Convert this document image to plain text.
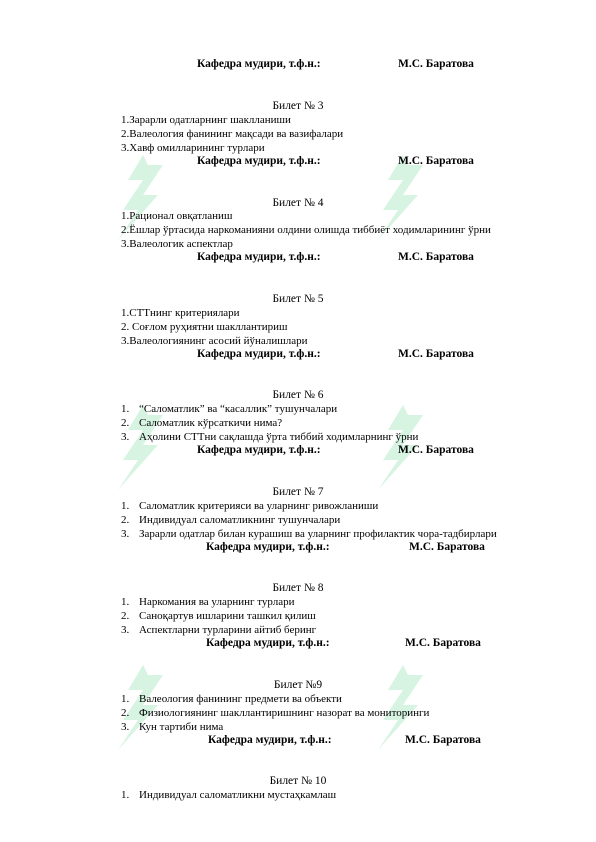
Кафедра мудири, т.ф.н.:	М.С. Баратова
Билет № 3
1.Зарарли одатларнинг шаклланиши
2.Валеология фанининг мақсади ва вазифалари
3.Хавф омилларининг турлари
Кафедра мудири, т.ф.н.:	М.С. Баратова
Билет № 4
1.Рационал овқатланиш
2.Ёшлар ўртасида наркоманияни олдини олишда тиббиёт ходимларининг ўрни
3.Валеологик аспектлар
Кафедра мудири, т.ф.н.:	М.С. Баратова
Билет № 5
1.СТТнинг критериялари
2. Соғлом руҳиятни шакллантириш
3.Валеологиянинг асосий йўналишлари
Кафедра мудири, т.ф.н.:	М.С. Баратова
Билет № 6
1. “Саломатлик” ва “касаллик” тушунчалари
2. Саломатлик кўрсаткичи нима?
3. Аҳолини СТТни сақлашда ўрта тиббий ходимларнинг ўрни
Кафедра мудири, т.ф.н.:	М.С. Баратова
Билет № 7
1. Саломатлик критерияси ва уларнинг ривожланиши
2. Индивидуал саломатликнинг тушунчалари
3. Зарарли одатлар билан курашиш ва уларнинг профилактик чора-тадбирлари
Кафедра мудири, т.ф.н.:	М.С. Баратова
Билет № 8
1. Наркомания ва уларнинг турлари
2. Саноқартув ишларини ташкил қилиш
3. Аспектларни турларини айтиб беринг
Кафедра мудири, т.ф.н.:	М.С. Баратова
Билет №9
1. Валеология фанининг предмети ва объекти
2. Физиологиянинг шакллантиришнинг назорат ва мониторинги
3. Кун тартиби нима
Кафедра мудири, т.ф.н.:	М.С. Баратова
Билет № 10
1. Индивидуал саломатликни мустаҳкамлаш
